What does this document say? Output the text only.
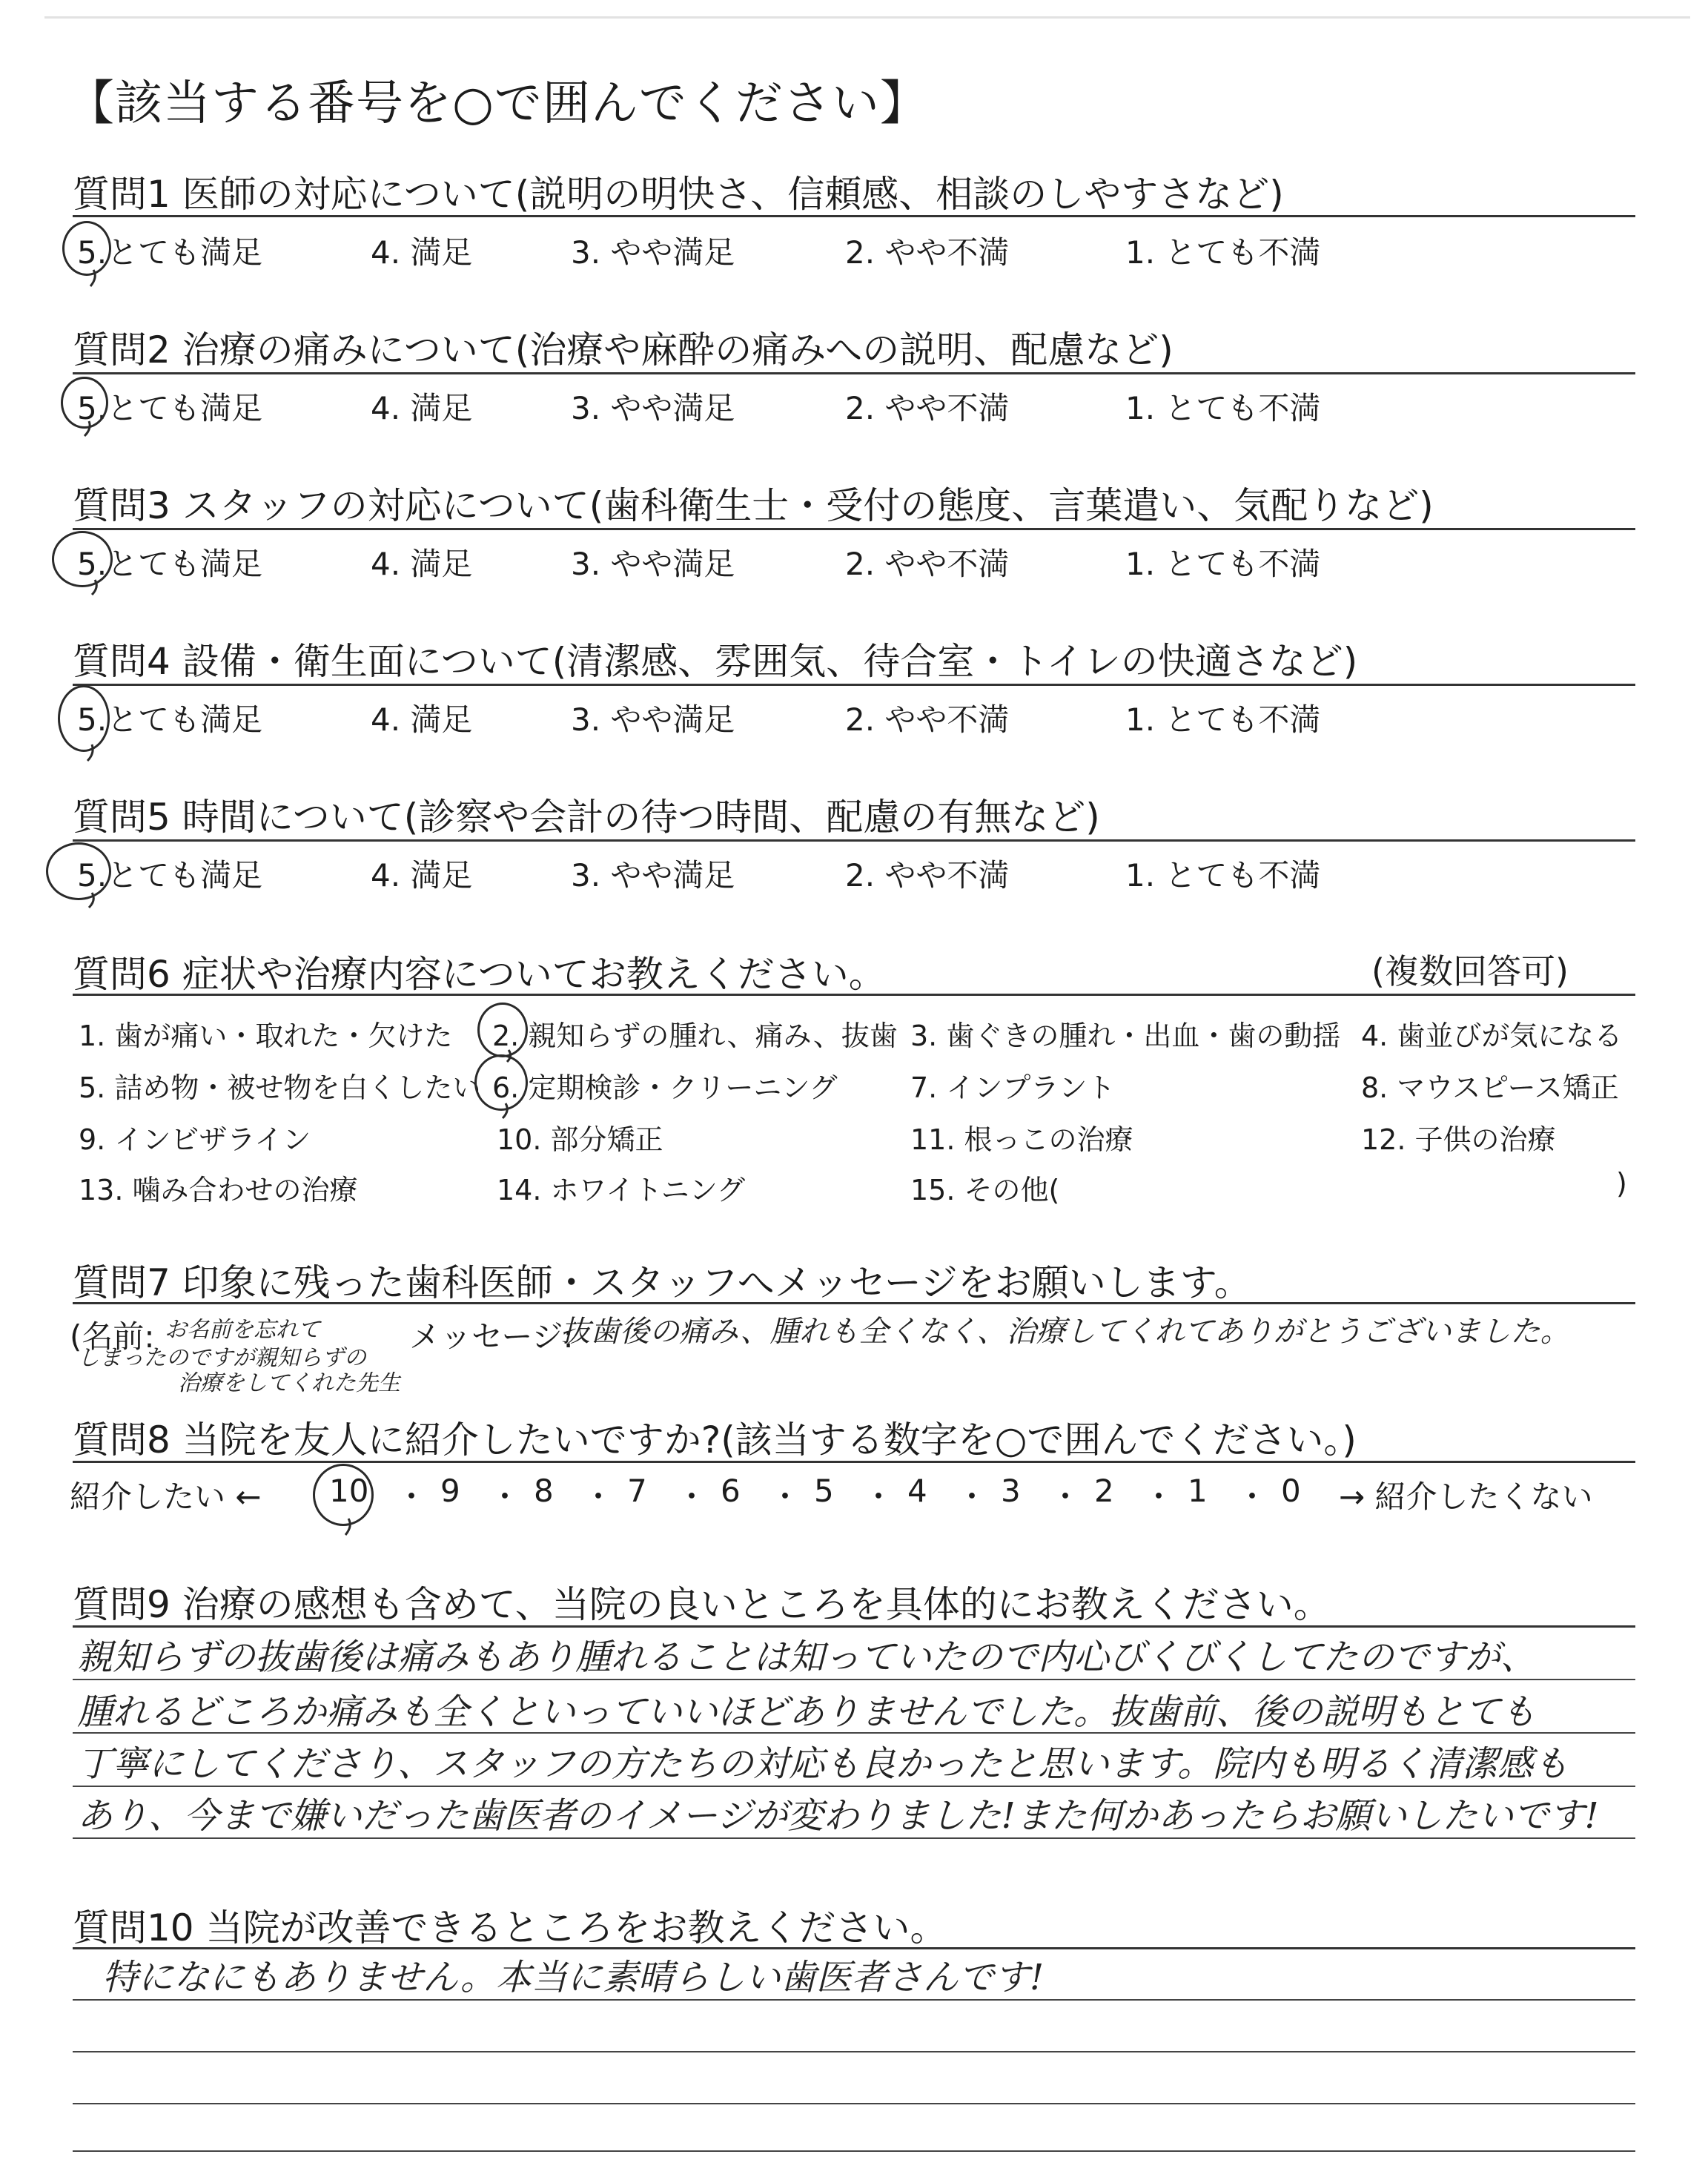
【該当する番号を○で囲んでください】
質問1 医師の対応について(説明の明快さ、信頼感、相談のしやすさなど)
5.とても満足	4. 満足	3. やや満足	2. やや不満	1. とても不満
質問2 治療の痛みについて(治療や麻酔の痛みへの説明、配慮など)
5.とても満足	4. 満足	3. やや満足	2. やや不満	1. とても不満
質問3 スタッフの対応について(歯科衛生士・受付の態度、言葉遣い、気配りなど)
5.とても満足	4. 満足	3. やや満足	2. やや不満	1. とても不満
質問4 設備・衛生面について(清潔感、雰囲気、待合室・トイレの快適さなど)
5.とても満足	4. 満足	3. やや満足	2. やや不満	1. とても不満
質問5 時間について(診察や会計の待つ時間、配慮の有無など)
5.とても満足	4. 満足	3. やや満足	2. やや不満	1. とても不満
質問6 症状や治療内容についてお教えください。	(複数回答可)
1. 歯が痛い・取れた・欠けた 2. 親知らずの腫れ、痛み、抜歯 3. 歯ぐきの腫れ・出血・歯の動揺 4. 歯並びが気になる
5. 詰め物・被せ物を白くしたい 6. 定期検診・クリーニング	7. インプラント	8. マウスピース矯正
9. インビザライン	10. 部分矯正	11. 根っこの治療	12. 子供の治療
13. 噛み合わせの治療	14. ホワイトニング	15. その他(	)
質問7 印象に残った歯科医師・スタッフへメッセージをお願いします。
(名前: お名前を忘れて
しまったのですが親知らずの
治療をしてくれた先生
メッセージ:
抜歯後の痛み、腫れも全くなく、治療してくれてありがとうございました。
質問8 当院を友人に紹介したいですか?(該当する数字を○で囲んでください。)
紹介したい ← 10 ・ 9 ・ 8 ・ 7 ・ 6 ・ 5 ・ 4 ・ 3 ・ 2 ・ 1 ・ 0 → 紹介したくない
質問9 治療の感想も含めて、当院の良いところを具体的にお教えください。
親知らずの抜歯後は痛みもあり腫れることは知っていたので内心びくびくしてたのですが、
腫れるどころか痛みも全くといっていいほどありませんでした。抜歯前、後の説明もとても
丁寧にしてくださり、スタッフの方たちの対応も良かったと思います。院内も明るく清潔感も
あり、今まで嫌いだった歯医者のイメージが変わりました!また何かあったらお願いしたいです!
質問10 当院が改善できるところをお教えください。
特になにもありません。本当に素晴らしい歯医者さんです!
